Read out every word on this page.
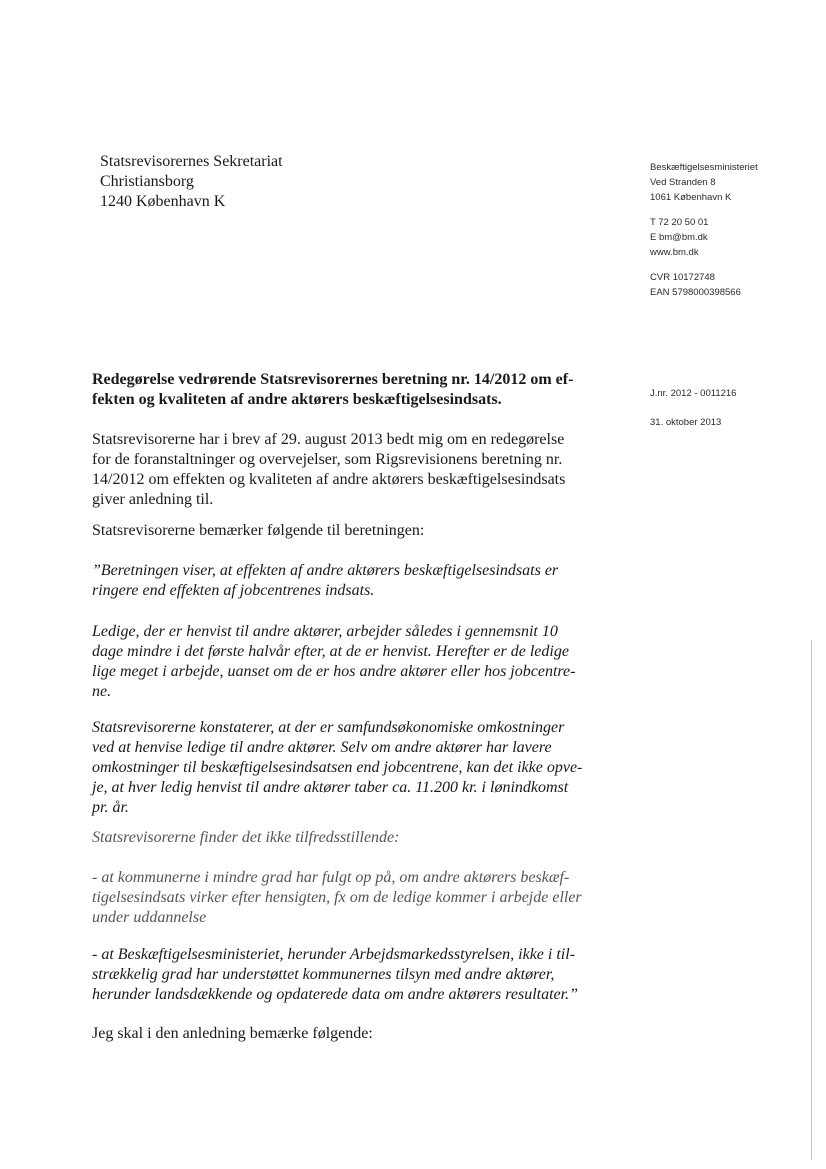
Statsrevisorernes Sekretariat
Christiansborg
1240 København K
Beskæftigelsesministeriet
Ved Stranden 8
1061 København K
T 72 20 50 01
E bm@bm.dk
www.bm.dk
CVR 10172748
EAN 5798000398566
J.nr. 2012 - 0011216
31. oktober 2013
Redegørelse vedrørende Statsrevisorernes beretning nr. 14/2012 om ef-
fekten og kvaliteten af andre aktørers beskæftigelsesindsats.
Statsrevisorerne har i brev af 29. august 2013 bedt mig om en redegørelse
for de foranstaltninger og overvejelser, som Rigsrevisionens beretning nr.
14/2012 om effekten og kvaliteten af andre aktørers beskæftigelsesindsats
giver anledning til.
Statsrevisorerne bemærker følgende til beretningen:
”Beretningen viser, at effekten af andre aktørers beskæftigelsesindsats er
ringere end effekten af jobcentrenes indsats.
Ledige, der er henvist til andre aktører, arbejder således i gennemsnit 10
dage mindre i det første halvår efter, at de er henvist. Herefter er de ledige
lige meget i arbejde, uanset om de er hos andre aktører eller hos jobcentre-
ne.
Statsrevisorerne konstaterer, at der er samfundsøkonomiske omkostninger
ved at henvise ledige til andre aktører. Selv om andre aktører har lavere
omkostninger til beskæftigelsesindsatsen end jobcentrene, kan det ikke opve-
je, at hver ledig henvist til andre aktører taber ca. 11.200 kr. i lønindkomst
pr. år.
Statsrevisorerne finder det ikke tilfredsstillende:
- at kommunerne i mindre grad har fulgt op på, om andre aktørers beskæf-
tigelsesindsats virker efter hensigten, fx om de ledige kommer i arbejde eller
under uddannelse
- at Beskæftigelsesministeriet, herunder Arbejdsmarkedsstyrelsen, ikke i til-
strækkelig grad har understøttet kommunernes tilsyn med andre aktører,
herunder landsdækkende og opdaterede data om andre aktørers resultater.”
Jeg skal i den anledning bemærke følgende:
